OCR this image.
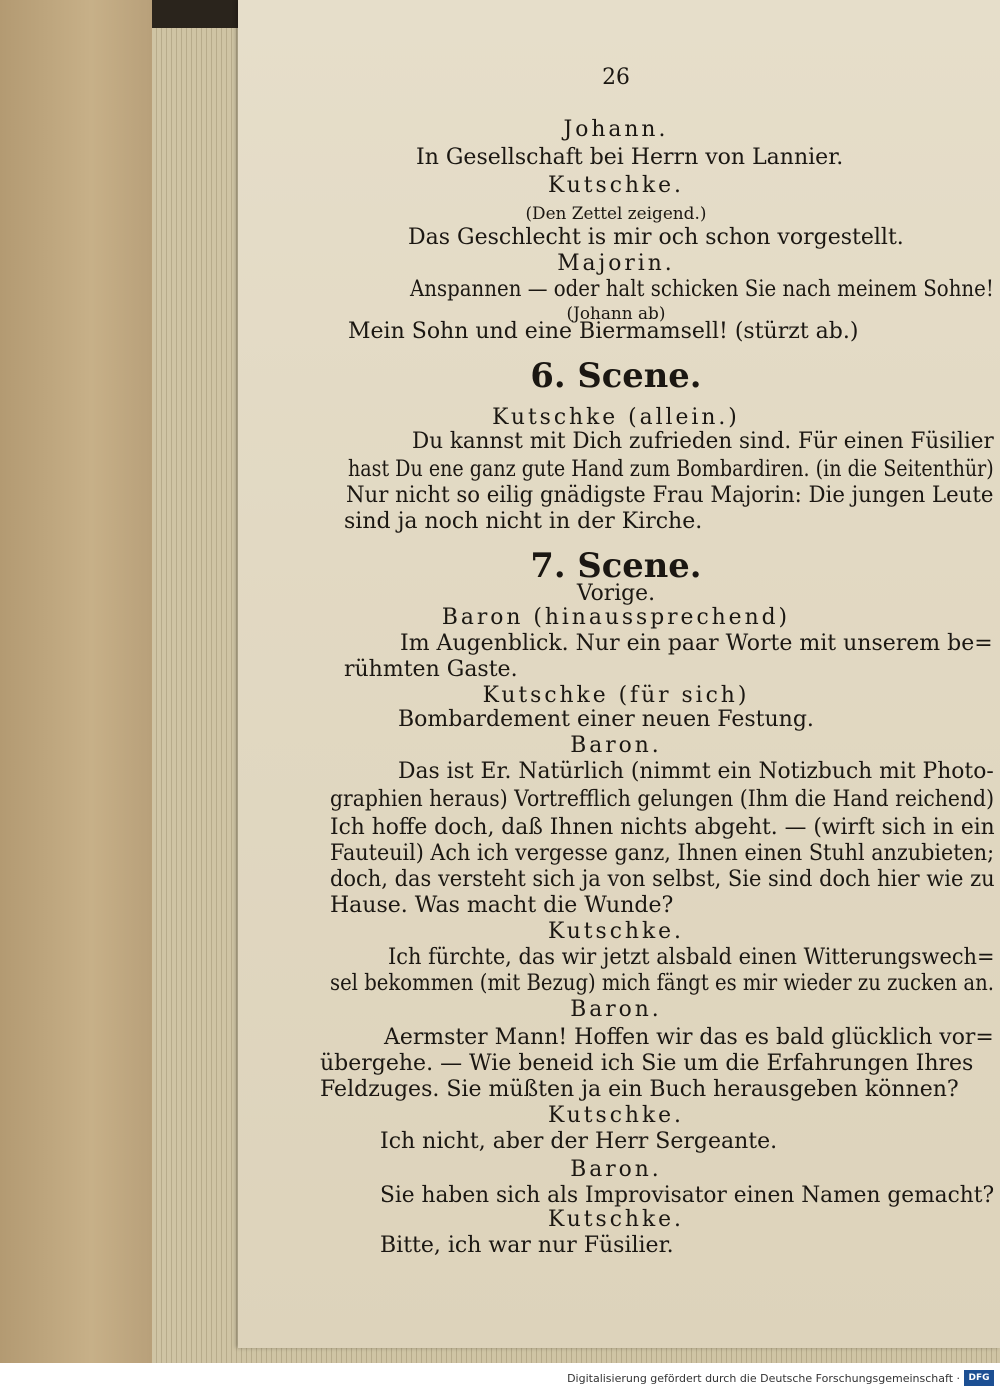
26
Johann.
In Gesellschaft bei Herrn von Lannier.
Kutschke.
(Den Zettel zeigend.)
Das Geschlecht is mir och schon vorgestellt.
Majorin.
Anspannen — oder halt schicken Sie nach meinem Sohne!
(Johann ab)
Mein Sohn und eine Biermamsell! (stürzt ab.)
6. Scene.
Kutschke (allein.)
Du kannst mit Dich zufrieden sind. Für einen Füsilier
hast Du ene ganz gute Hand zum Bombardiren. (in die Seitenthür)
Nur nicht so eilig gnädigste Frau Majorin: Die jungen Leute
sind ja noch nicht in der Kirche.
7. Scene.
Vorige.
Baron (hinaussprechend)
Im Augenblick. Nur ein paar Worte mit unserem be=
rühmten Gaste.
Kutschke (für sich)
Bombardement einer neuen Festung.
Baron.
Das ist Er. Natürlich (nimmt ein Notizbuch mit Photo-
graphien heraus) Vortrefflich gelungen (Ihm die Hand reichend)
Ich hoffe doch, daß Ihnen nichts abgeht. — (wirft sich in ein
Fauteuil) Ach ich vergesse ganz, Ihnen einen Stuhl anzubieten;
doch, das versteht sich ja von selbst, Sie sind doch hier wie zu
Hause. Was macht die Wunde?
Kutschke.
Ich fürchte, das wir jetzt alsbald einen Witterungswech=
sel bekommen (mit Bezug) mich fängt es mir wieder zu zucken an.
Baron.
Aermster Mann! Hoffen wir das es bald glücklich vor=
übergehe. — Wie beneid ich Sie um die Erfahrungen Ihres
Feldzuges. Sie müßten ja ein Buch herausgeben können?
Kutschke.
Ich nicht, aber der Herr Sergeante.
Baron.
Sie haben sich als Improvisator einen Namen gemacht?
Kutschke.
Bitte, ich war nur Füsilier.
Digitalisierung gefördert durch die Deutsche Forschungsgemeinschaft · DFG
